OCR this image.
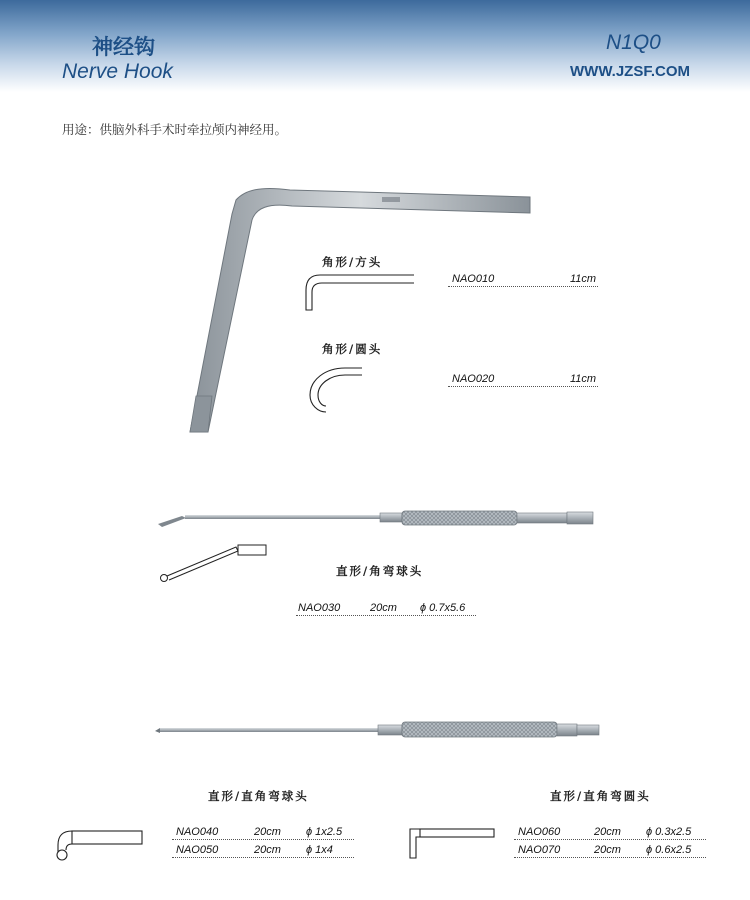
神经钩
Nerve Hook
N1Q0
WWW.JZSF.COM
用途：供脑外科手术时牵拉颅内神经用。
角形/方头
NAO010	11cm
角形/圆头
NAO020	11cm
直形/角弯球头
NAO030	20cm ϕ 0.7x5.6
直形/直角弯球头
NAO040	20cm ϕ 1x2.5
NAO050	20cm ϕ 1x4
直形/直角弯圆头
NAO060	20cm ϕ 0.3x2.5
NAO070	20cm ϕ 0.6x2.5
